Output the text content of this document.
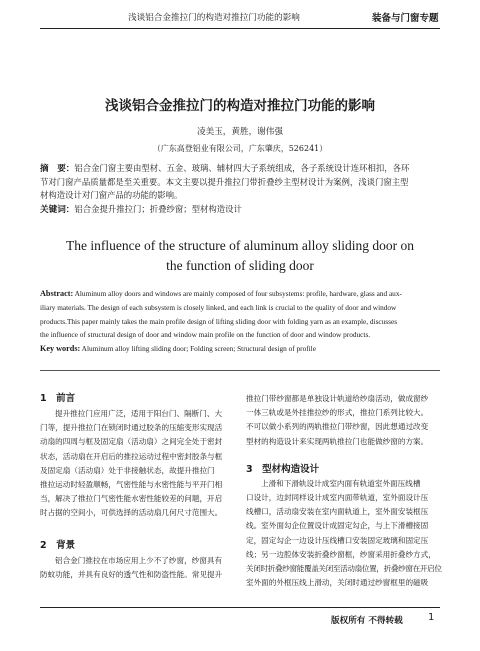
浅谈铝合金推拉门的构造对推拉门功能的影响	装备与门窗专题
浅谈铝合金推拉门的构造对推拉门功能的影响
凌美玉，黄胜，谢伟强
（广东高登铝业有限公司，广东肇庆，526241）
摘　要：铝合金门窗主要由型材、五金、玻璃、辅材四大子系统组成，各子系统设计连环相扣，各环
节对门窗产品质量都是至关重要。本文主要以提升推拉门带折叠纱主型材设计为案例，浅谈门窗主型
材构造设计对门窗产品的功能的影响。
关键词：铝合金提升推拉门；折叠纱窗；型材构造设计
The influence of the structure of aluminum alloy sliding door on
the function of sliding door
Abstract: Aluminum alloy doors and windows are mainly composed of four subsystems: profile, hardware, glass and aux-
iliary materials. The design of each subsystem is closely linked, and each link is crucial to the quality of door and window
products.This paper mainly takes the main profile design of lifting sliding door with folding yarn as an example, discusses
the influence of structural design of door and window main profile on the function of door and window products.
Key words: Aluminum alloy lifting sliding door; Folding screen; Structural design of profile
1　前言
提升推拉门应用广泛，适用于阳台门、隔断门、大
门等，提升推拉门在锁闭时通过胶条的压缩变形实现活
动扇的四周与框及固定扇（活动扇）之间完全处于密封
状态，活动扇在开启后的推拉运动过程中密封胶条与框
及固定扇（活动扇）处于非接触状态，故提升推拉门
推拉运动时轻盈顺畅，气密性能与水密性能与平开门相
当，解决了推拉门气密性能水密性能较差的问题，开启
时占据的空间小，可供选择的活动扇几何尺寸范围大。
2　背景
铝合金门推拉在市场应用上少不了纱窗，纱窗具有
防蚊功能，并具有良好的透气性和防盗性能。常见提升
推拉门带纱窗都是单独设计轨道给纱扇活动，做成窗纱
一体三轨或是外挂推拉纱的形式，推拉门系列比较大。
不可以做小系列的两轨推拉门带纱窗，因此想通过改变
型材的构造设计来实现两轨推拉门也能做纱窗的方案。
3　型材构造设计
上滑和下滑轨设计成室内面有轨道室外面压线槽
口设计，边封同样设计成室内面带轨道，室外面设计压
线槽口，活动扇安装在室内面轨道上，室外面安装框压
线。室外面勾企位置设计成固定勾企，与上下滑槽接固
定，固定勾企一边设计压线槽口安装固定玻璃和固定压
线；另一边腔体安装折叠纱窗框，纱窗采用折叠纱方式，
关闭时折叠纱窗能覆盖关闭至活动扇位置，折叠纱窗在开启位
室外面的外框压线上滑动，关闭时通过纱窗框里的磁吸
版权所有 不得转载	1
